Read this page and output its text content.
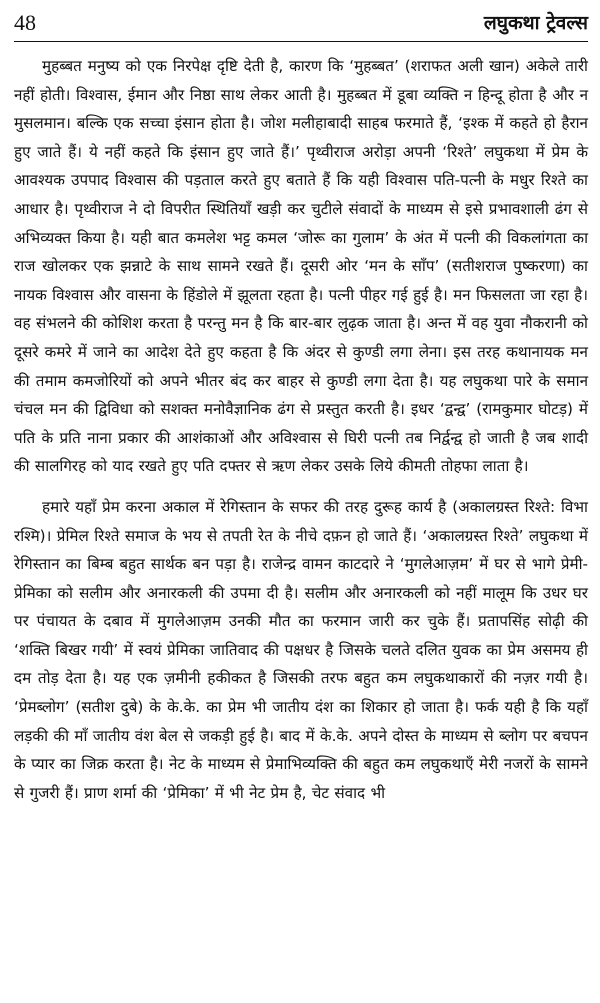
48	लघुकथा ट्रेवल्स

मुहब्बत मनुष्य को एक निरपेक्ष दृष्टि देती है, कारण कि ‘मुहब्बत’ (शराफत अली खान) अकेले तारी नहीं होती। विश्वास, ईमान और निष्ठा साथ लेकर आती है। मुहब्बत में डूबा व्यक्ति न हिन्दू होता है और न मुसलमान। बल्कि एक सच्चा इंसान होता है। जोश मलीहाबादी साहब फरमाते हैं, ‘इश्क में कहते हो हैरान हुए जाते हैं। ये नहीं कहते कि इंसान हुए जाते हैं।’ पृथ्वीराज अरोड़ा अपनी ‘रिश्ते’ लघुकथा में प्रेम के आवश्यक उपपाद विश्वास की पड़ताल करते हुए बताते हैं कि यही विश्वास पति-पत्नी के मधुर रिश्ते का आधार है। पृथ्वीराज ने दो विपरीत स्थितियाँ खड़ी कर चुटीले संवादों के माध्यम से इसे प्रभावशाली ढंग से अभिव्यक्त किया है। यही बात कमलेश भट्ट कमल ‘जोरू का गुलाम’ के अंत में पत्नी की विकलांगता का राज खोलकर एक झन्नाटे के साथ सामने रखते हैं। दूसरी ओर ‘मन के साँप’ (सतीशराज पुष्करणा) का नायक विश्वास और वासना के हिंडोले में झूलता रहता है। पत्नी पीहर गई हुई है। मन फिसलता जा रहा है। वह संभलने की कोशिश करता है परन्तु मन है कि बार-बार लुढ़क जाता है। अन्त में वह युवा नौकरानी को दूसरे कमरे में जाने का आदेश देते हुए कहता है कि अंदर से कुण्डी लगा लेना। इस तरह कथानायक मन की तमाम कमजोरियों को अपने भीतर बंद कर बाहर से कुण्डी लगा देता है। यह लघुकथा पारे के समान चंचल मन की द्विविधा को सशक्त मनोवैज्ञानिक ढंग से प्रस्तुत करती है। इधर ‘द्वन्द्व’ (रामकुमार घोटड़) में पति के प्रति नाना प्रकार की आशंकाओं और अविश्वास से घिरी पत्नी तब निर्द्वन्द्व हो जाती है जब शादी की सालगिरह को याद रखते हुए पति दफ्तर से ऋण लेकर उसके लिये कीमती तोहफा लाता है।

हमारे यहाँ प्रेम करना अकाल में रेगिस्तान के सफर की तरह दुरूह कार्य है (अकालग्रस्त रिश्ते: विभा रश्मि)। प्रेमिल रिश्ते समाज के भय से तपती रेत के नीचे दफ़न हो जाते हैं। ‘अकालग्रस्त रिश्ते’ लघुकथा में रेगिस्तान का बिम्ब बहुत सार्थक बन पड़ा है। राजेन्द्र वामन काटदारे ने ‘मुगलेआज़म’ में घर से भागे प्रेमी-प्रेमिका को सलीम और अनारकली की उपमा दी है। सलीम और अनारकली को नहीं मालूम कि उधर घर पर पंचायत के दबाव में मुगलेआज़म उनकी मौत का फरमान जारी कर चुके हैं। प्रतापसिंह सोढ़ी की ‘शक्ति बिखर गयी’ में स्वयं प्रेमिका जातिवाद की पक्षधर है जिसके चलते दलित युवक का प्रेम असमय ही दम तोड़ देता है। यह एक ज़मीनी हकीकत है जिसकी तरफ बहुत कम लघुकथाकारों की नज़र गयी है। ‘प्रेमब्लोग’ (सतीश दुबे) के के.के. का प्रेम भी जातीय दंश का शिकार हो जाता है। फर्क यही है कि यहाँ लड़की की माँ जातीय वंश बेल से जकड़ी हुई है। बाद में के.के. अपने दोस्त के माध्यम से ब्लोग पर बचपन के प्यार का जिक्र करता है। नेट के माध्यम से प्रेमाभिव्यक्ति की बहुत कम लघुकथाएँ मेरी नजरों के सामने से गुजरी हैं। प्राण शर्मा की ‘प्रेमिका’ में भी नेट प्रेम है, चेट संवाद भी
